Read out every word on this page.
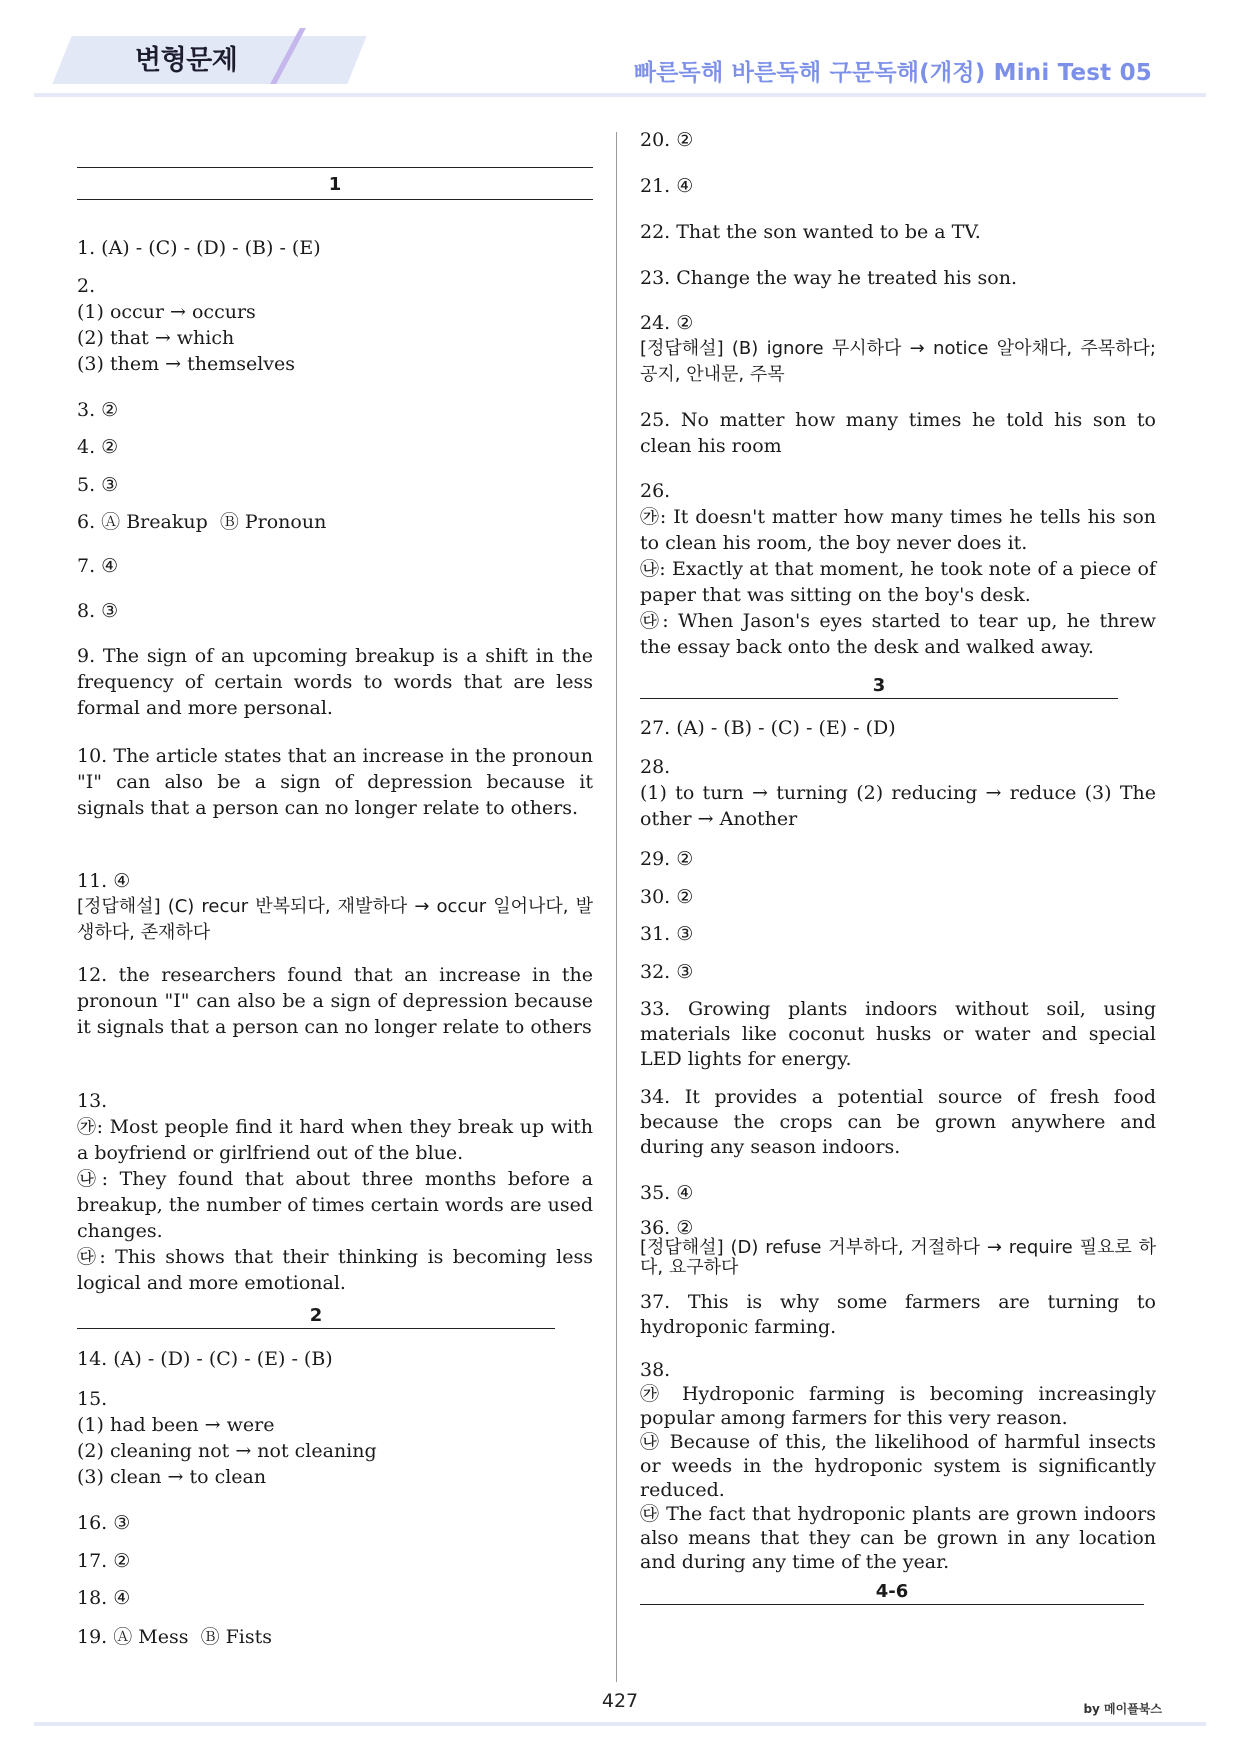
변형문제	빠른독해 바른독해 구문독해(개정) Mini Test 05
1
1. (A) - (C) - (D) - (B) - (E)
2.
(1) occur → occurs
(2) that → which
(3) them → themselves
3. ②
4. ②
5. ③
6. Ⓐ Breakup  Ⓑ Pronoun
7. ④
8. ③
9. The sign of an upcoming breakup is a shift in the frequency of certain words to words that are less formal and more personal.
10. The article states that an increase in the pronoun "I" can also be a sign of depression because it signals that a person can no longer relate to others.
11. ④
[정답해설] (C) recur 반복되다, 재발하다 → occur 일어나다, 발생하다, 존재하다
12. the researchers found that an increase in the pronoun "I" can also be a sign of depression because it signals that a person can no longer relate to others
13.
㉮: Most people find it hard when they break up with a boyfriend or girlfriend out of the blue.
㉯: They found that about three months before a breakup, the number of times certain words are used changes.
㉰: This shows that their thinking is becoming less logical and more emotional.
2
14. (A) - (D) - (C) - (E) - (B)
15.
(1) had been → were
(2) cleaning not → not cleaning
(3) clean → to clean
16. ③
17. ②
18. ④
19. Ⓐ Mess  Ⓑ Fists
20. ②
21. ④
22. That the son wanted to be a TV.
23. Change the way he treated his son.
24. ②
[정답해설] (B) ignore 무시하다 → notice 알아채다, 주목하다; 공지, 안내문, 주목
25. No matter how many times he told his son to clean his room
26.
㉮: It doesn't matter how many times he tells his son to clean his room, the boy never does it.
㉯: Exactly at that moment, he took note of a piece of paper that was sitting on the boy's desk.
㉰: When Jason's eyes started to tear up, he threw the essay back onto the desk and walked away.
3
27. (A) - (B) - (C) - (E) - (D)
28.
(1) to turn → turning (2) reducing → reduce (3) The other → Another
29. ②
30. ②
31. ③
32. ③
33. Growing plants indoors without soil, using materials like coconut husks or water and special LED lights for energy.
34. It provides a potential source of fresh food because the crops can be grown anywhere and during any season indoors.
35. ④
36. ②
[정답해설] (D) refuse 거부하다, 거절하다 → require 필요로 하다, 요구하다
37. This is why some farmers are turning to hydroponic farming.
38.
㉮ Hydroponic farming is becoming increasingly popular among farmers for this very reason.
㉯ Because of this, the likelihood of harmful insects or weeds in the hydroponic system is significantly reduced.
㉰ The fact that hydroponic plants are grown indoors also means that they can be grown in any location and during any time of the year.
4-6
427	by 메이플북스
